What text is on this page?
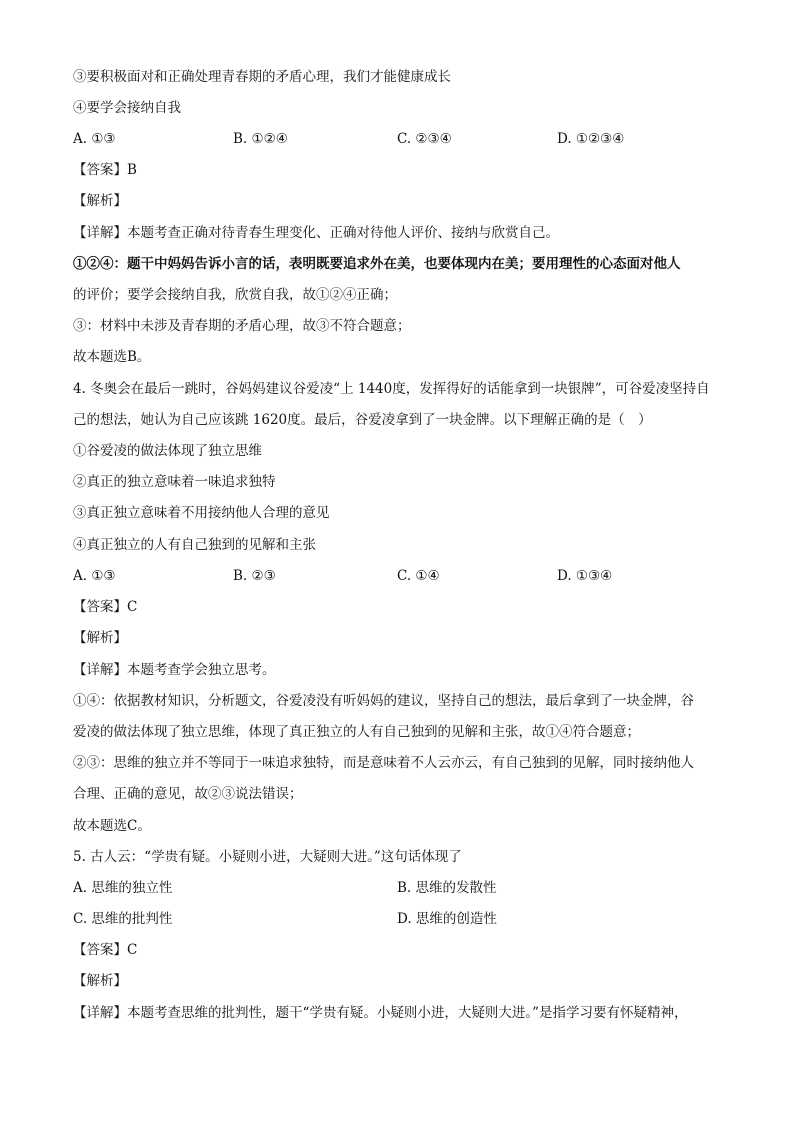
③要积极面对和正确处理青春期的矛盾心理，我们才能健康成长
④要学会接纳自我
A. ①③	B. ①②④	C. ②③④	D. ①②③④
【答案】B
【解析】
【详解】本题考查正确对待青春生理变化、正确对待他人评价、接纳与欣赏自己。
①②④：题干中妈妈告诉小言的话，表明既要追求外在美，也要体现内在美；要用理性的心态面对他人
的评价；要学会接纳自我，欣赏自我，故①②④正确；
③：材料中未涉及青春期的矛盾心理，故③不符合题意；
故本题选B。
4. 冬奥会在最后一跳时，谷妈妈建议谷爱凌“上 1440度，发挥得好的话能拿到一块银牌”，可谷爱凌坚持自
己的想法，她认为自己应该跳 1620度。最后，谷爱凌拿到了一块金牌。以下理解正确的是（　）
①谷爱凌的做法体现了独立思维
②真正的独立意味着一味追求独特
③真正独立意味着不用接纳他人合理的意见
④真正独立的人有自己独到的见解和主张
A. ①③	B. ②③	C. ①④	D. ①③④
【答案】C
【解析】
【详解】本题考查学会独立思考。
①④：依据教材知识，分析题文，谷爱凌没有听妈妈的建议，坚持自己的想法，最后拿到了一块金牌，谷
爱凌的做法体现了独立思维，体现了真正独立的人有自己独到的见解和主张，故①④符合题意；
②③：思维的独立并不等同于一味追求独特，而是意味着不人云亦云，有自己独到的见解，同时接纳他人
合理、正确的意见，故②③说法错误；
故本题选C。
5. 古人云：“学贵有疑。小疑则小进，大疑则大进。”这句话体现了
A. 思维的独立性	B. 思维的发散性
C. 思维的批判性	D. 思维的创造性
【答案】C
【解析】
【详解】本题考查思维的批判性，题干“学贵有疑。小疑则小进，大疑则大进。”是指学习要有怀疑精神，
